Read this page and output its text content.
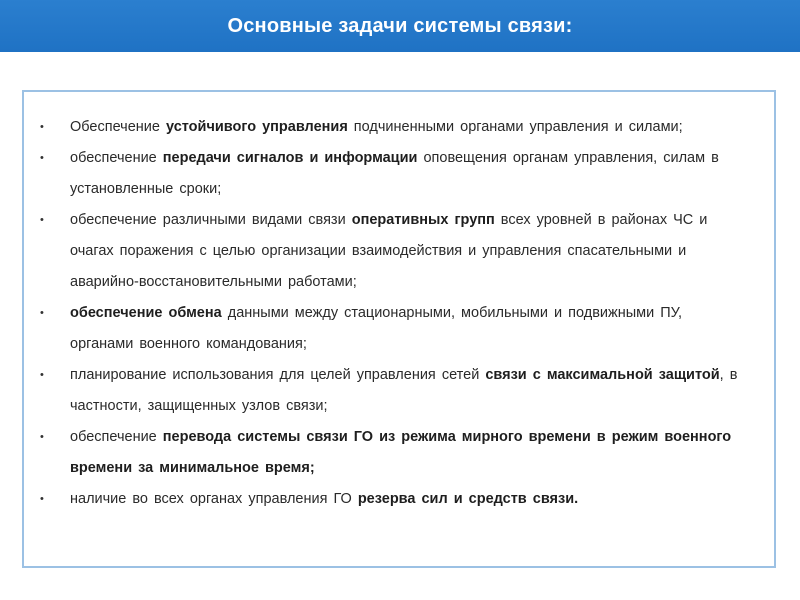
Основные задачи системы связи:
• Обеспечение устойчивого управления подчиненными органами управления и силами;
• обеспечение передачи сигналов и информации оповещения органам управления, силам в установленные сроки;
• обеспечение различными видами связи оперативных групп всех уровней в районах ЧС и очагах поражения с целью организации взаимодействия и управления спасательными и аварийно-восстановительными работами;
• обеспечение обмена данными между стационарными, мобильными и подвижными ПУ, органами военного командования;
• планирование использования для целей управления сетей связи с максимальной защитой, в частности, защищенных узлов связи;
• обеспечение перевода системы связи ГО из режима мирного времени в режим военного времени за минимальное время;
• наличие во всех органах управления ГО резерва сил и средств связи.
